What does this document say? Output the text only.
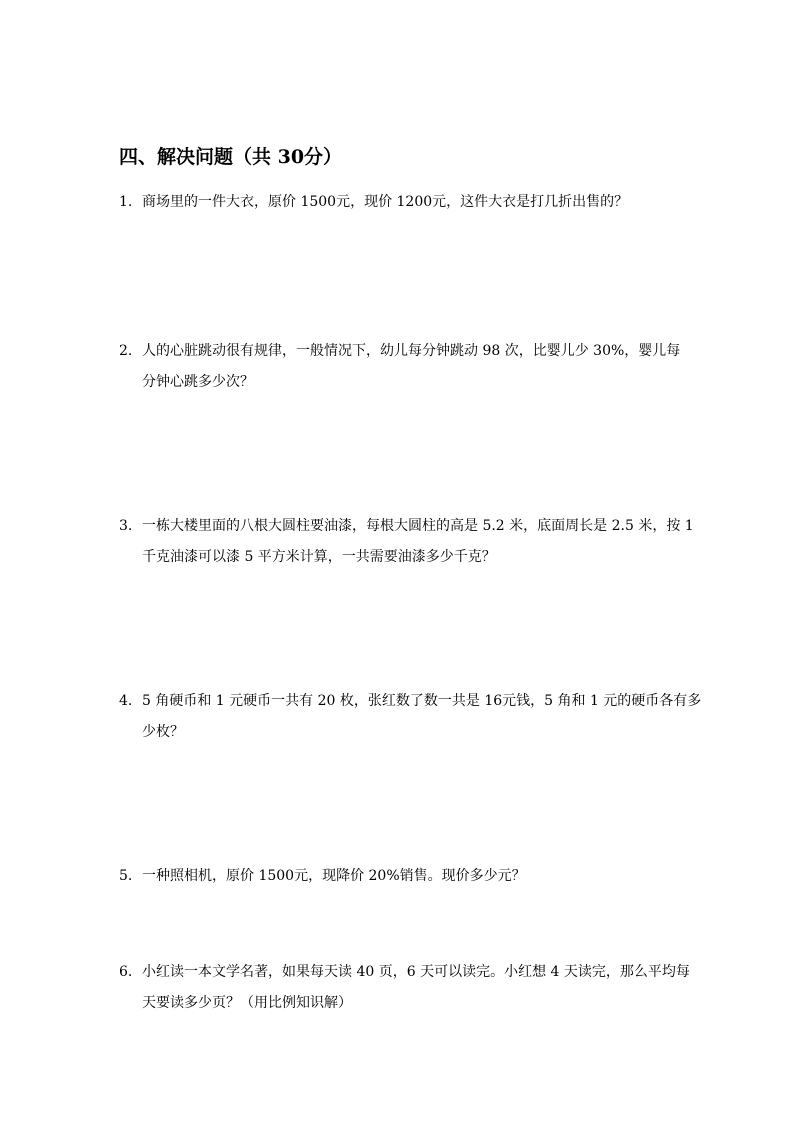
四、解决问题（共 30分）
1. 商场里的一件大衣，原价 1500元，现价 1200元，这件大衣是打几折出售的？
2. 人的心脏跳动很有规律，一般情况下，幼儿每分钟跳动 98 次，比婴儿少 30%，婴儿每
分钟心跳多少次？
3. 一栋大楼里面的八根大圆柱要油漆，每根大圆柱的高是 5.2 米，底面周长是 2.5 米，按 1
千克油漆可以漆 5 平方米计算，一共需要油漆多少千克？
4. 5 角硬币和 1 元硬币一共有 20 枚，张红数了数一共是 16元钱，5 角和 1 元的硬币各有多
少枚？
5. 一种照相机，原价 1500元，现降价 20%销售。现价多少元？
6. 小红读一本文学名著，如果每天读 40 页，6 天可以读完。小红想 4 天读完，那么平均每
天要读多少页？（用比例知识解）
